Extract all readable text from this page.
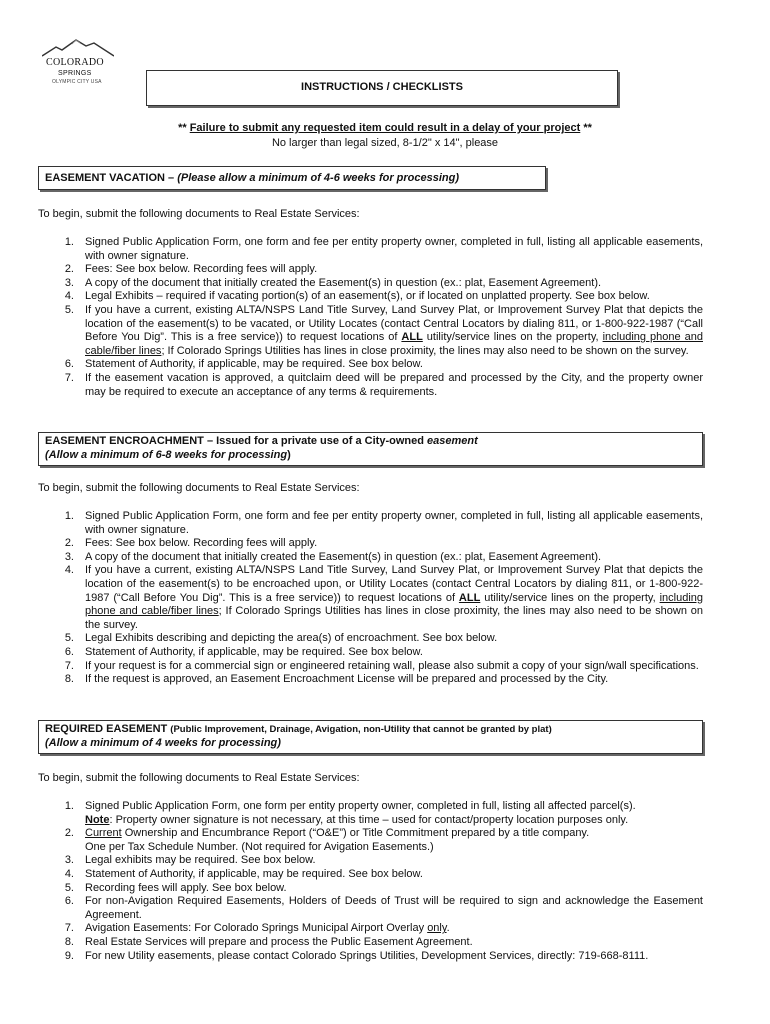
COLORADO
SPRINGS
OLYMPIC CITY USA	INSTRUCTIONS / CHECKLISTS
** Failure to submit any requested item could result in a delay of your project **
No larger than legal sized, 8-1/2" x 14", please
EASEMENT VACATION – (Please allow a minimum of 4-6 weeks for processing)
To begin, submit the following documents to Real Estate Services:
1. Signed Public Application Form, one form and fee per entity property owner, completed in full, listing all applicable easements, with owner signature.
2. Fees: See box below. Recording fees will apply.
3. A copy of the document that initially created the Easement(s) in question (ex.: plat, Easement Agreement).
4. Legal Exhibits – required if vacating portion(s) of an easement(s), or if located on unplatted property. See box below.
5. If you have a current, existing ALTA/NSPS Land Title Survey, Land Survey Plat, or Improvement Survey Plat that depicts the location of the easement(s) to be vacated, or Utility Locates (contact Central Locators by dialing 811, or 1-800-922-1987 (“Call Before You Dig”. This is a free service)) to request locations of ALL utility/service lines on the property, including phone and cable/fiber lines; If Colorado Springs Utilities has lines in close proximity, the lines may also need to be shown on the survey.
6. Statement of Authority, if applicable, may be required. See box below.
7. If the easement vacation is approved, a quitclaim deed will be prepared and processed by the City, and the property owner may be required to execute an acceptance of any terms & requirements.
EASEMENT ENCROACHMENT – Issued for a private use of a City-owned easement
(Allow a minimum of 6-8 weeks for processing)
To begin, submit the following documents to Real Estate Services:
1. Signed Public Application Form, one form and fee per entity property owner, completed in full, listing all applicable easements, with owner signature.
2. Fees: See box below. Recording fees will apply.
3. A copy of the document that initially created the Easement(s) in question (ex.: plat, Easement Agreement).
4. If you have a current, existing ALTA/NSPS Land Title Survey, Land Survey Plat, or Improvement Survey Plat that depicts the location of the easement(s) to be encroached upon, or Utility Locates (contact Central Locators by dialing 811, or 1-800-922-1987 (“Call Before You Dig”. This is a free service)) to request locations of ALL utility/service lines on the property, including phone and cable/fiber lines; If Colorado Springs Utilities has lines in close proximity, the lines may also need to be shown on the survey.
5. Legal Exhibits describing and depicting the area(s) of encroachment. See box below.
6. Statement of Authority, if applicable, may be required. See box below.
7. If your request is for a commercial sign or engineered retaining wall, please also submit a copy of your sign/wall specifications.
8. If the request is approved, an Easement Encroachment License will be prepared and processed by the City.
REQUIRED EASEMENT (Public Improvement, Drainage, Avigation, non-Utility that cannot be granted by plat)
(Allow a minimum of 4 weeks for processing)
To begin, submit the following documents to Real Estate Services:
1. Signed Public Application Form, one form per entity property owner, completed in full, listing all affected parcel(s).
Note: Property owner signature is not necessary, at this time – used for contact/property location purposes only.
2. Current Ownership and Encumbrance Report (“O&E”) or Title Commitment prepared by a title company.
One per Tax Schedule Number. (Not required for Avigation Easements.)
3. Legal exhibits may be required. See box below.
4. Statement of Authority, if applicable, may be required. See box below.
5. Recording fees will apply. See box below.
6. For non-Avigation Required Easements, Holders of Deeds of Trust will be required to sign and acknowledge the Easement Agreement.
7. Avigation Easements: For Colorado Springs Municipal Airport Overlay only.
8. Real Estate Services will prepare and process the Public Easement Agreement.
9. For new Utility easements, please contact Colorado Springs Utilities, Development Services, directly: 719-668-8111.
